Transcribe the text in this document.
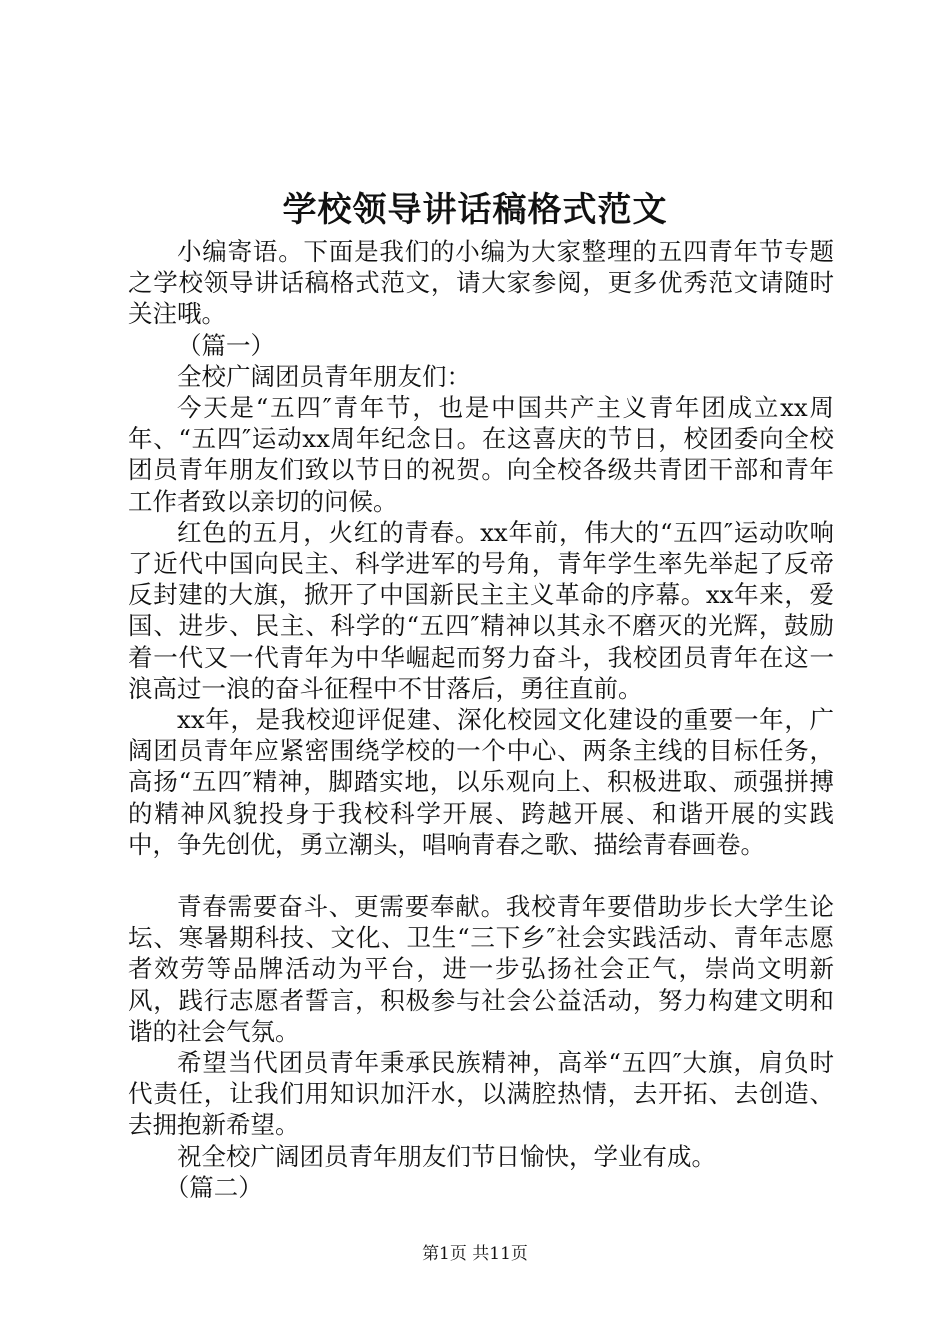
学校领导讲话稿格式范文

小编寄语。下面是我们的小编为大家整理的五四青年节专题之学校领导讲话稿格式范文，请大家参阅，更多优秀范文请随时关注哦。

（篇一）

全校广阔团员青年朋友们：

今天是“五四″青年节，也是中国共产主义青年团成立xx周年、“五四″运动xx周年纪念日。在这喜庆的节日，校团委向全校团员青年朋友们致以节日的祝贺。向全校各级共青团干部和青年工作者致以亲切的问候。

红色的五月，火红的青春。xx年前，伟大的“五四″运动吹响了近代中国向民主、科学进军的号角，青年学生率先举起了反帝反封建的大旗，掀开了中国新民主主义革命的序幕。xx年来，爱国、进步、民主、科学的“五四″精神以其永不磨灭的光辉，鼓励着一代又一代青年为中华崛起而努力奋斗，我校团员青年在这一浪高过一浪的奋斗征程中不甘落后，勇往直前。

xx年，是我校迎评促建、深化校园文化建设的重要一年，广阔团员青年应紧密围绕学校的一个中心、两条主线的目标任务，高扬“五四″精神，脚踏实地，以乐观向上、积极进取、顽强拼搏的精神风貌投身于我校科学开展、跨越开展、和谐开展的实践中，争先创优，勇立潮头，唱响青春之歌、描绘青春画卷。

青春需要奋斗、更需要奉献。我校青年要借助步长大学生论坛、寒暑期科技、文化、卫生“三下乡″社会实践活动、青年志愿者效劳等品牌活动为平台，进一步弘扬社会正气，崇尚文明新风，践行志愿者誓言，积极参与社会公益活动，努力构建文明和谐的社会气氛。

希望当代团员青年秉承民族精神，高举“五四″大旗，肩负时代责任，让我们用知识加汗水，以满腔热情，去开拓、去创造、去拥抱新希望。

祝全校广阔团员青年朋友们节日愉快，学业有成。

（篇二）

第1页 共11页
